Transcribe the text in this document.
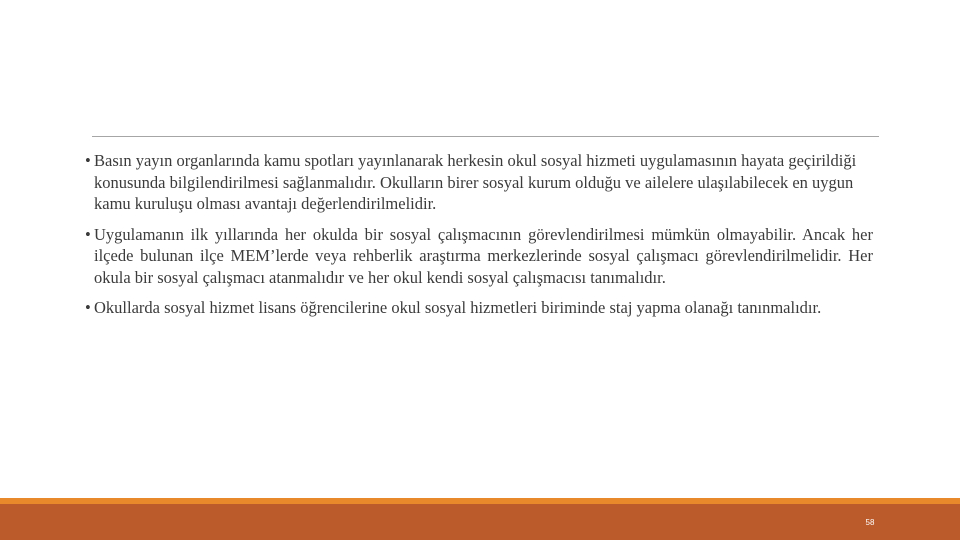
• Basın yayın organlarında kamu spotları yayınlanarak herkesin okul sosyal hizmeti uygulamasının hayata geçirildiği konusunda bilgilendirilmesi sağlanmalıdır. Okulların birer sosyal kurum olduğu ve ailelere ulaşılabilecek en uygun kamu kuruluşu olması avantajı değerlendirilmelidir.
• Uygulamanın ilk yıllarında her okulda bir sosyal çalışmacının görevlendirilmesi mümkün olmayabilir. Ancak her ilçede bulunan ilçe MEM’lerde veya rehberlik araştırma merkezlerinde sosyal çalışmacı görevlendirilmelidir. Her okula bir sosyal çalışmacı atanmalıdır ve her okul kendi sosyal çalışmacısı tanımalıdır.
• Okullarda sosyal hizmet lisans öğrencilerine okul sosyal hizmetleri biriminde staj yapma olanağı tanınmalıdır.
58
